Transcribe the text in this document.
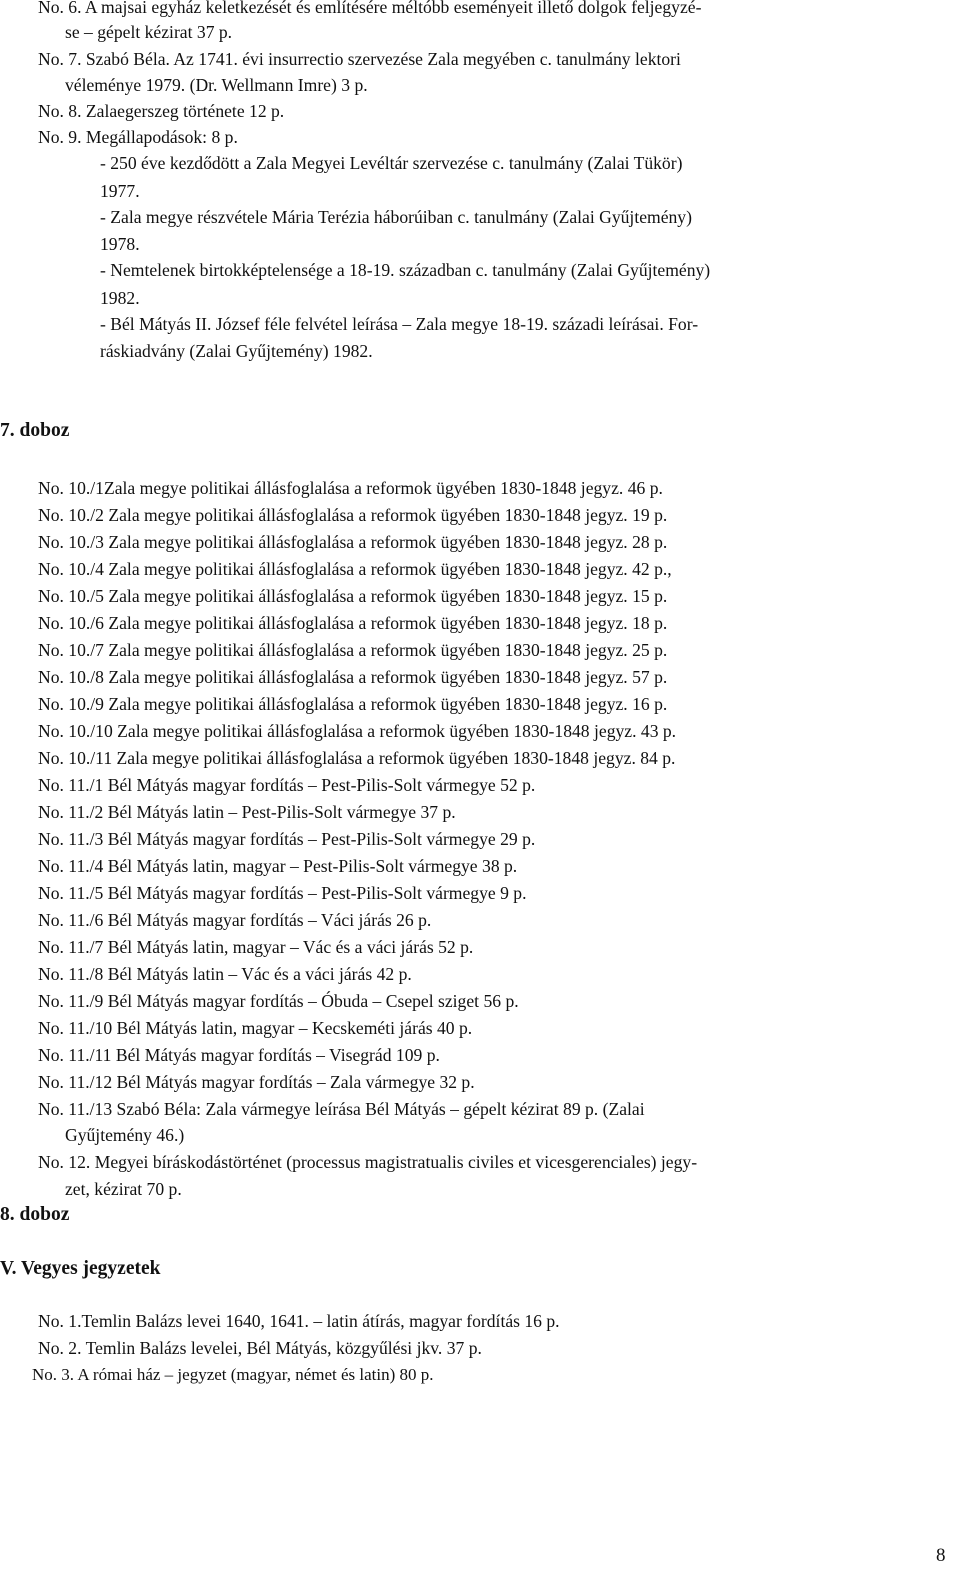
No. 6. A majsai egyház keletkezését és említésére méltóbb eseményeit illető dolgok feljegyzé-
se – gépelt kézirat 37 p.
No. 7. Szabó Béla. Az 1741. évi insurrectio szervezése Zala megyében c. tanulmány lektori
véleménye 1979. (Dr. Wellmann Imre) 3 p.
No. 8. Zalaegerszeg története 12 p.
No. 9. Megállapodások: 8 p.
- 250 éve kezdődött a Zala Megyei Levéltár szervezése c. tanulmány (Zalai Tükör)
1977.
- Zala megye részvétele Mária Terézia háborúiban c. tanulmány (Zalai Gyűjtemény)
1978.
- Nemtelenek birtokképtelensége a 18-19. században c. tanulmány (Zalai Gyűjtemény)
1982.
- Bél Mátyás II. József féle felvétel leírása – Zala megye 18-19. századi leírásai. For-
ráskiadvány (Zalai Gyűjtemény) 1982.
7. doboz
No. 10./1Zala megye politikai állásfoglalása a reformok ügyében 1830-1848 jegyz. 46 p.
No. 10./2 Zala megye politikai állásfoglalása a reformok ügyében 1830-1848 jegyz. 19 p.
No. 10./3 Zala megye politikai állásfoglalása a reformok ügyében 1830-1848 jegyz. 28 p.
No. 10./4 Zala megye politikai állásfoglalása a reformok ügyében 1830-1848 jegyz. 42 p.,
No. 10./5 Zala megye politikai állásfoglalása a reformok ügyében 1830-1848 jegyz. 15 p.
No. 10./6 Zala megye politikai állásfoglalása a reformok ügyében 1830-1848 jegyz. 18 p.
No. 10./7 Zala megye politikai állásfoglalása a reformok ügyében 1830-1848 jegyz. 25 p.
No. 10./8 Zala megye politikai állásfoglalása a reformok ügyében 1830-1848 jegyz. 57 p.
No. 10./9 Zala megye politikai állásfoglalása a reformok ügyében 1830-1848 jegyz. 16 p.
No. 10./10 Zala megye politikai állásfoglalása a reformok ügyében 1830-1848 jegyz. 43 p.
No. 10./11 Zala megye politikai állásfoglalása a reformok ügyében 1830-1848 jegyz. 84 p.
No. 11./1 Bél Mátyás magyar fordítás – Pest-Pilis-Solt vármegye 52 p.
No. 11./2 Bél Mátyás latin – Pest-Pilis-Solt vármegye 37 p.
No. 11./3 Bél Mátyás magyar fordítás – Pest-Pilis-Solt vármegye 29 p.
No. 11./4 Bél Mátyás latin, magyar – Pest-Pilis-Solt vármegye 38 p.
No. 11./5 Bél Mátyás magyar fordítás – Pest-Pilis-Solt vármegye 9 p.
No. 11./6 Bél Mátyás magyar fordítás – Váci járás 26 p.
No. 11./7 Bél Mátyás latin, magyar – Vác és a váci járás 52 p.
No. 11./8 Bél Mátyás latin – Vác és a váci járás 42 p.
No. 11./9 Bél Mátyás magyar fordítás – Óbuda – Csepel sziget 56 p.
No. 11./10 Bél Mátyás latin, magyar – Kecskeméti járás 40 p.
No. 11./11 Bél Mátyás magyar fordítás – Visegrád 109 p.
No. 11./12 Bél Mátyás magyar fordítás – Zala vármegye 32 p.
No. 11./13 Szabó Béla: Zala vármegye leírása Bél Mátyás – gépelt kézirat 89 p. (Zalai
Gyűjtemény 46.)
No. 12. Megyei bíráskodástörténet (processus magistratualis civiles et vicesgerenciales) jegy-
zet, kézirat 70 p.
8. doboz
V. Vegyes jegyzetek
No. 1.Temlin Balázs levei 1640, 1641. – latin átírás, magyar fordítás 16 p.
No. 2. Temlin Balázs levelei, Bél Mátyás, közgyűlési jkv. 37 p.
No. 3. A római ház – jegyzet (magyar, német és latin) 80 p.
8
